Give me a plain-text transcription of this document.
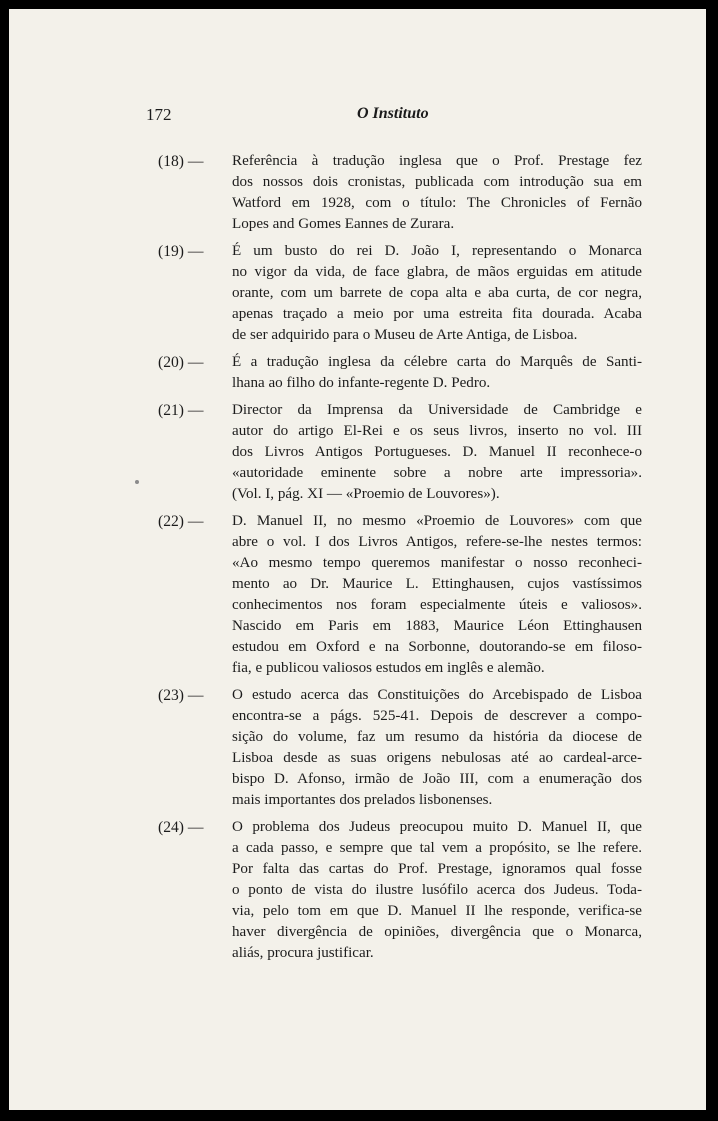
172	O Instituto
(18) — Referência à tradução inglesa que o Prof. Prestage fez
dos nossos dois cronistas, publicada com introdução sua em
Watford em 1928, com o título: The Chronicles of Fernão
Lopes and Gomes Eannes de Zurara.
(19) — É um busto do rei D. João I, representando o Monarca
no vigor da vida, de face glabra, de mãos erguidas em atitude
orante, com um barrete de copa alta e aba curta, de cor negra,
apenas traçado a meio por uma estreita fita dourada. Acaba
de ser adquirido para o Museu de Arte Antiga, de Lisboa.
(20) — É a tradução inglesa da célebre carta do Marquês de Santi-
lhana ao filho do infante-regente D. Pedro.
(21) — Director da Imprensa da Universidade de Cambridge e
autor do artigo El-Rei e os seus livros, inserto no vol. III
dos Livros Antigos Portugueses. D. Manuel II reconhece-o
«autoridade eminente sobre a nobre arte impressoria».
(Vol. I, pág. XI — «Proemio de Louvores»).
(22) — D. Manuel II, no mesmo «Proemio de Louvores» com que
abre o vol. I dos Livros Antigos, refere-se-lhe nestes termos:
«Ao mesmo tempo queremos manifestar o nosso reconheci-
mento ao Dr. Maurice L. Ettinghausen, cujos vastíssimos
conhecimentos nos foram especialmente úteis e valiosos».
Nascido em Paris em 1883, Maurice Léon Ettinghausen
estudou em Oxford e na Sorbonne, doutorando-se em filoso-
fia, e publicou valiosos estudos em inglês e alemão.
(23) — O estudo acerca das Constituições do Arcebispado de Lisboa
encontra-se a págs. 525-41. Depois de descrever a compo-
sição do volume, faz um resumo da história da diocese de
Lisboa desde as suas origens nebulosas até ao cardeal-arce-
bispo D. Afonso, irmão de João III, com a enumeração dos
mais importantes dos prelados lisbonenses.
(24) — O problema dos Judeus preocupou muito D. Manuel II, que
a cada passo, e sempre que tal vem a propósito, se lhe refere.
Por falta das cartas do Prof. Prestage, ignoramos qual fosse
o ponto de vista do ilustre lusófilo acerca dos Judeus. Toda-
via, pelo tom em que D. Manuel II lhe responde, verifica-se
haver divergência de opiniões, divergência que o Monarca,
aliás, procura justificar.
